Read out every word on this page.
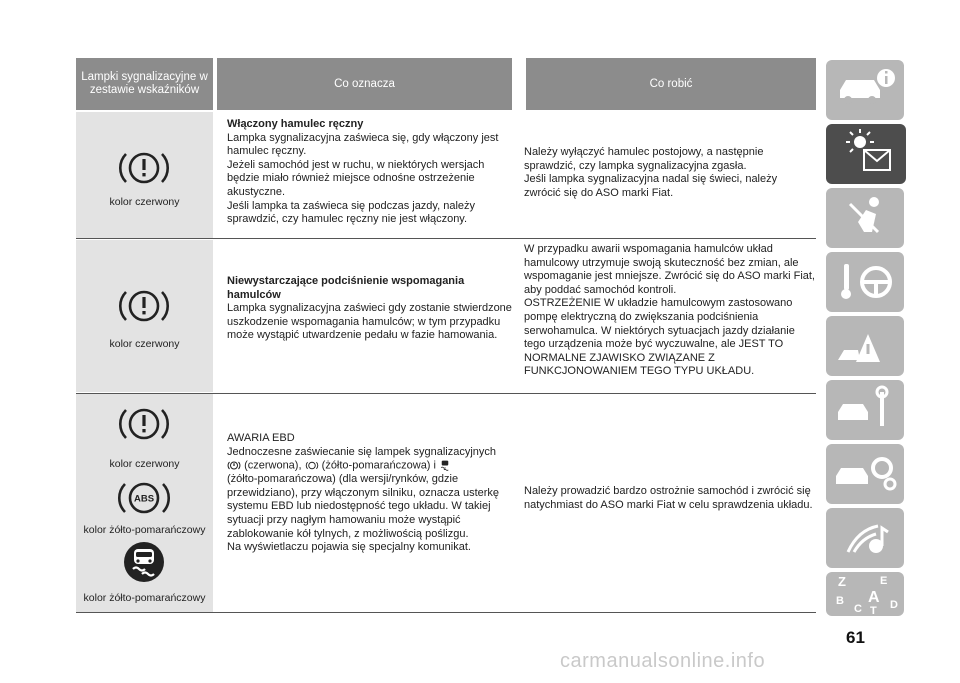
Lampki sygnalizacyjne w zestawie wskaźników
Co oznacza	Co robić
kolor czerwony
Włączony hamulec ręczny
Lampka sygnalizacyjna zaświeca się, gdy włączony jest hamulec ręczny.
Jeżeli samochód jest w ruchu, w niektórych wersjach będzie miało również miejsce odnośne ostrzeżenie akustyczne.
Jeśli lampka ta zaświeca się podczas jazdy, należy sprawdzić, czy hamulec ręczny nie jest włączony.
Należy wyłączyć hamulec postojowy, a następnie sprawdzić, czy lampka sygnalizacyjna zgasła.
Jeśli lampka sygnalizacyjna nadal się świeci, należy zwrócić się do ASO marki Fiat.
kolor czerwony
Niewystarczające podciśnienie wspomagania hamulców
Lampka sygnalizacyjna zaświeci gdy zostanie stwierdzone uszkodzenie wspomagania hamulców; w tym przypadku może wystąpić utwardzenie pedału w fazie hamowania.
W przypadku awarii wspomagania hamulców układ hamulcowy utrzymuje swoją skuteczność bez zmian, ale wspomaganie jest mniejsze. Zwrócić się do ASO marki Fiat, aby poddać samochód kontroli.
OSTRZEŻENIE W układzie hamulcowym zastosowano pompę elektryczną do zwiększania podciśnienia serwohamulca. W niektórych sytuacjach jazdy działanie tego urządzenia może być wyczuwalne, ale JEST TO NORMALNE ZJAWISKO ZWIĄZANE Z FUNKCJONOWANIEM TEGO TYPU UKŁADU.
kolor czerwony
ABS
kolor żółto-pomarańczowy
kolor żółto-pomarańczowy
AWARIA EBD
Jednoczesne zaświecanie się lampek sygnalizacyjnych
(czerwona), (żółto-pomarańczowa) i
(żółto-pomarańczowa) (dla wersji/rynków, gdzie przewidziano), przy włączonym silniku, oznacza usterkę systemu EBD lub niedostępność tego układu. W takiej sytuacji przy nagłym hamowaniu może wystąpić zablokowanie kół tylnych, z możliwością poślizgu.
Na wyświetlaczu pojawia się specjalny komunikat.
Należy prowadzić bardzo ostrożnie samochód i zwrócić się natychmiast do ASO marki Fiat w celu sprawdzenia układu.
Z	E
B A
C T D
61
carmanualsonline.info
